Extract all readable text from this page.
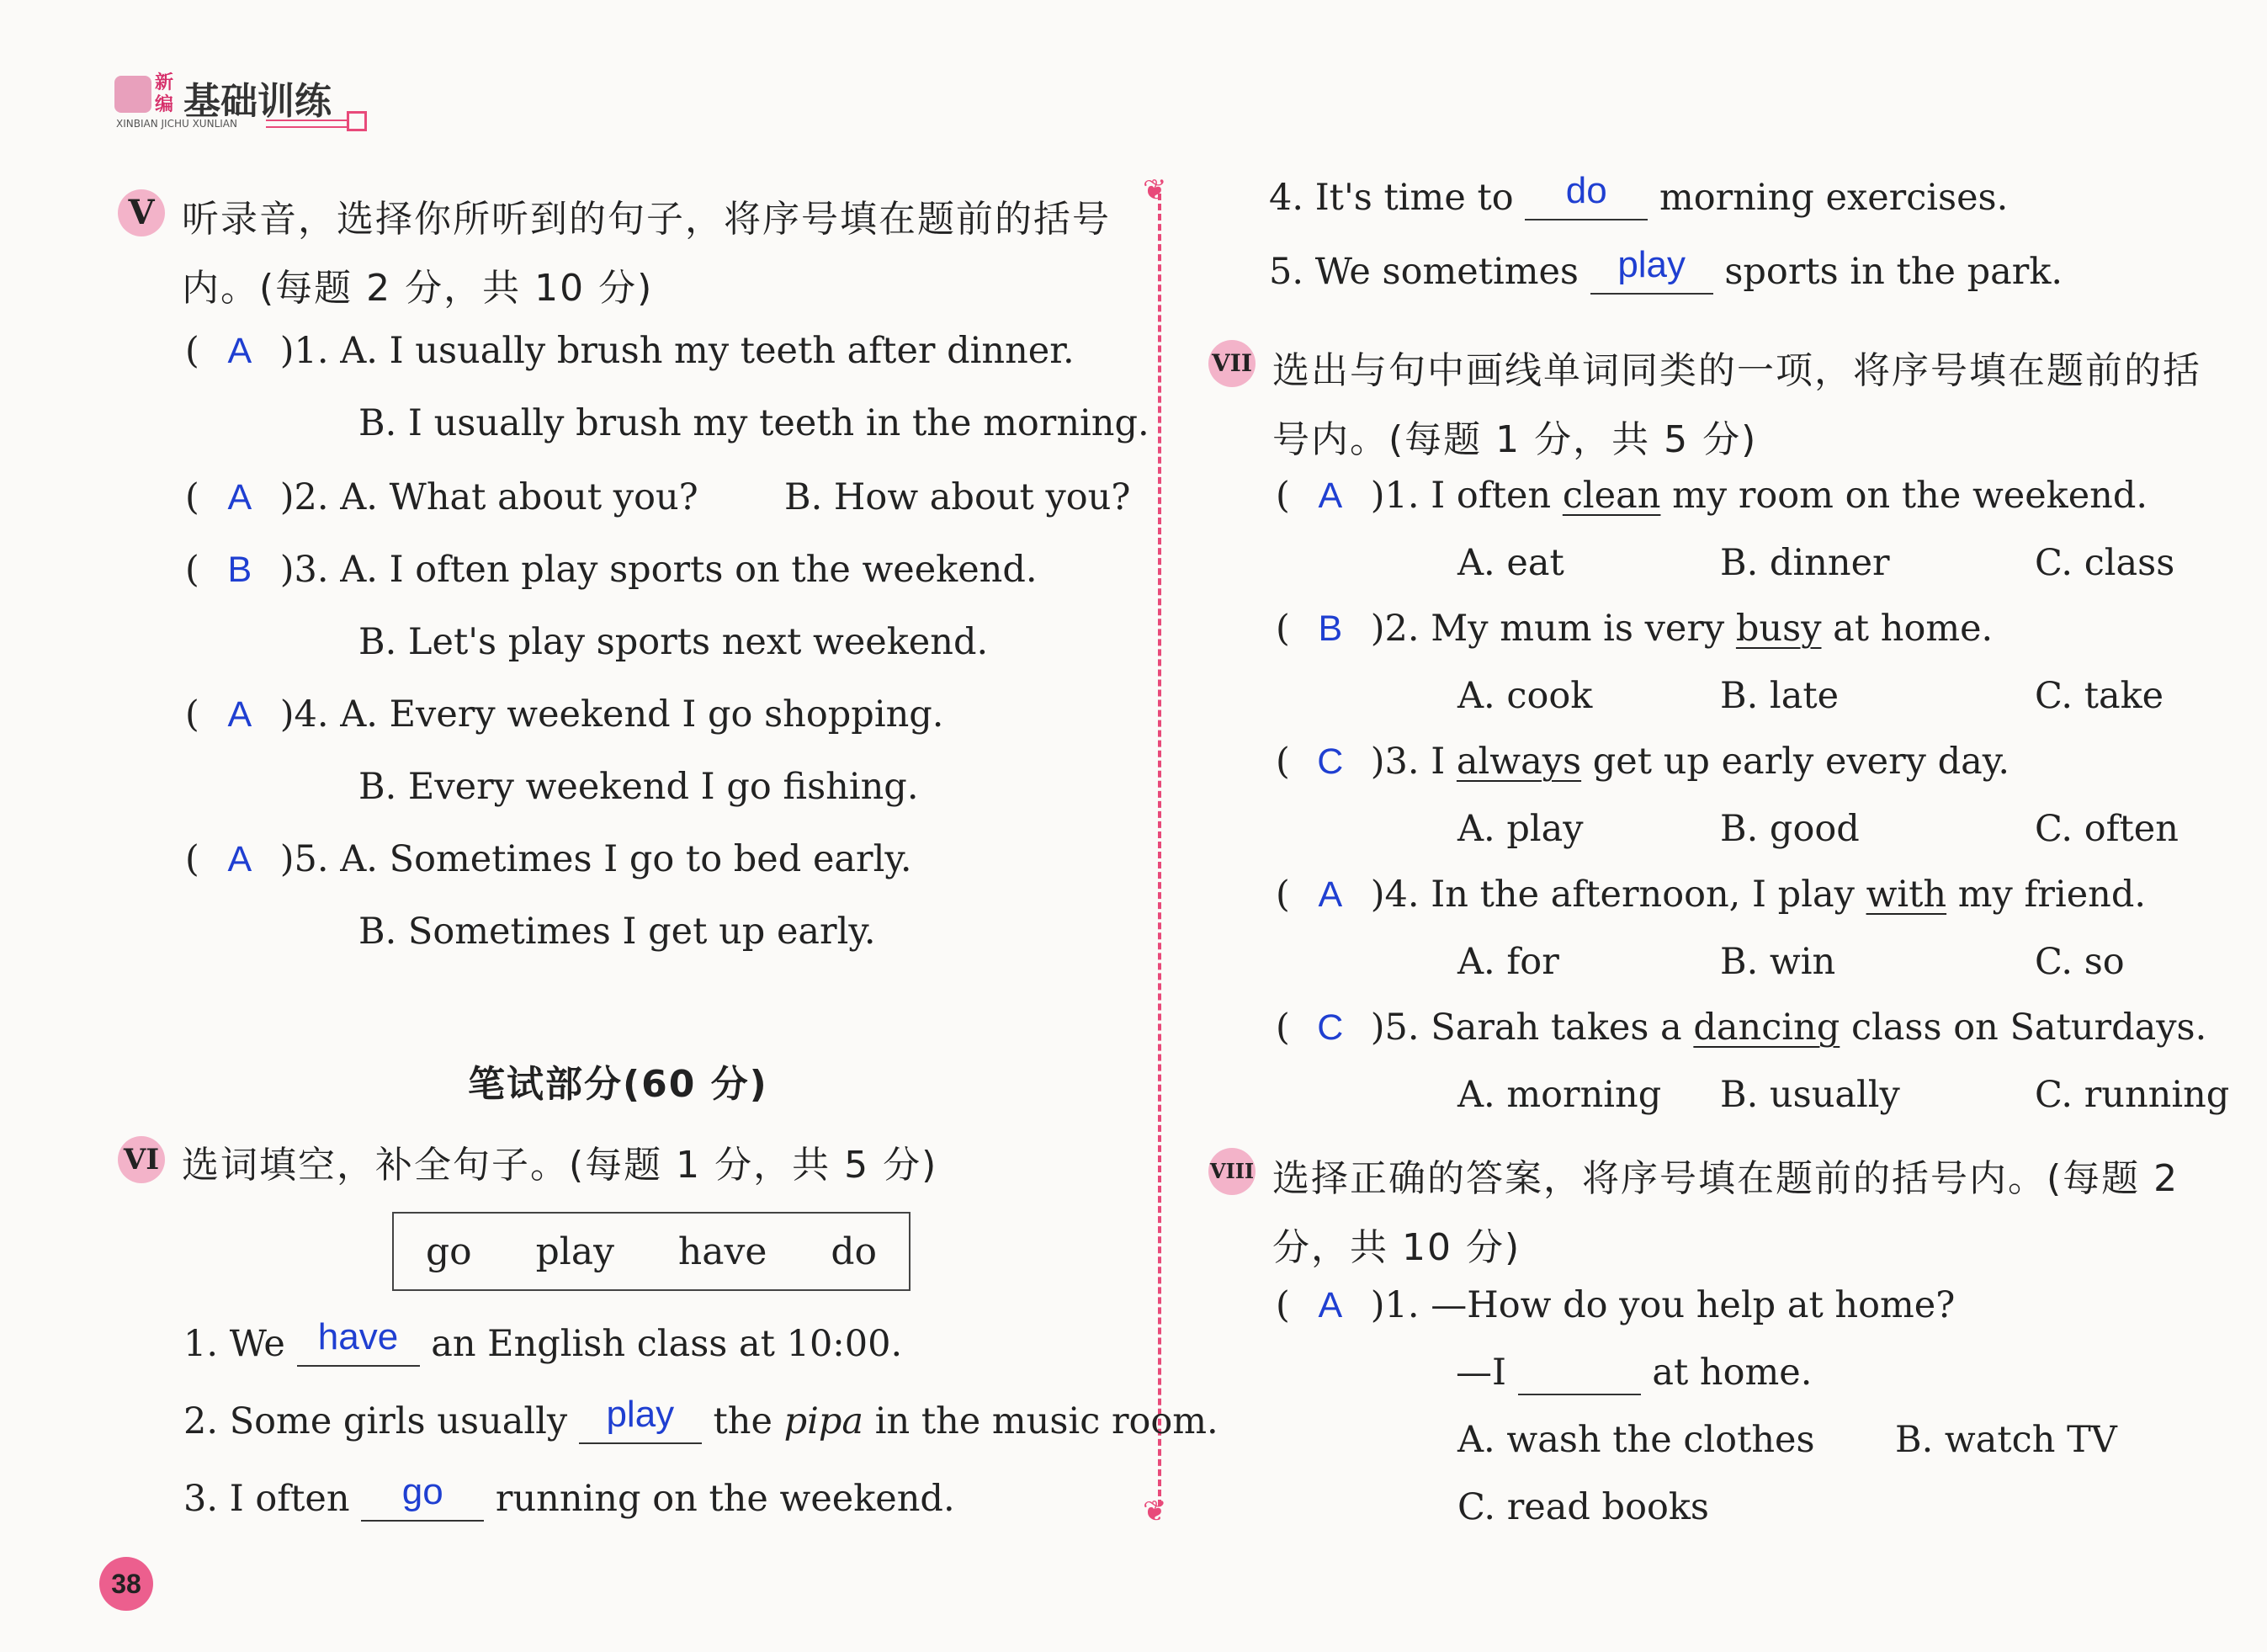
新编 基础训练
XINBIAN JICHU XUNLIAN
❦
❦
V 听录音，选择你所听到的句子，将序号填在题前的括号
内。(每题 2 分，共 10 分)
( A )1. A. I usually brush my teeth after dinner.
B. I usually brush my teeth in the morning.
( A )2. A. What about you? B. How about you?
( B )3. A. I often play sports on the weekend.
B. Let's play sports next weekend.
( A )4. A. Every weekend I go shopping.
B. Every weekend I go fishing.
( A )5. A. Sometimes I go to bed early.
B. Sometimes I get up early.
笔试部分(60 分)
VI 选词填空，补全句子。(每题 1 分，共 5 分)
go play have do
1. We have an English class at 10:00.
2. Some girls usually	play	the pipa in the music room.
3. I often	go	running on the weekend.
4. It's time to	do	morning exercises.
5. We sometimes	play	sports in the park.
VII 选出与句中画线单词同类的一项，将序号填在题前的括
号内。(每题 1 分，共 5 分)
( A )1. I often clean my room on the weekend.
A. eat	B. dinner	C. class
( B )2. My mum is very busy at home.
A. cook	B. late	C. take
( C )3. I always get up early every day.
A. play	B. good	C. often
( A )4. In the afternoon, I play with my friend.
A. for	B. win	C. so
( C )5. Sarah takes a dancing class on Saturdays.
A. morning B. usually	C. running
VIII 选择正确的答案，将序号填在题前的括号内。(每题 2
分，共 10 分)
( A )1. —How do you help at home?
—I	at home.
A. wash the clothes B. watch TV
C. read books
38
